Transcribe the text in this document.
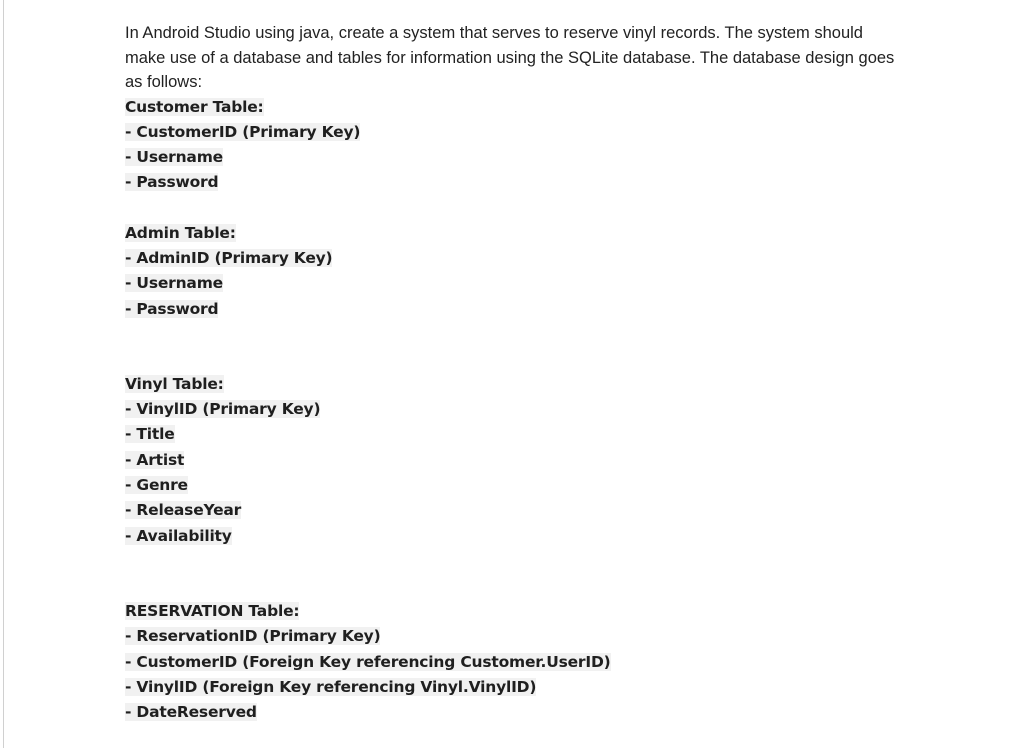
In Android Studio using java, create a system that serves to reserve vinyl records. The system should make use of a database and tables for information using the SQLite database. The database design goes as follows:

Customer Table:
- CustomerID (Primary Key)
- Username
- Password
Admin Table:
- AdminID (Primary Key)
- Username
- Password
Vinyl Table:
- VinylID (Primary Key)
- Title
- Artist
- Genre
- ReleaseYear
- Availability
RESERVATION Table:
- ReservationID (Primary Key)
- CustomerID (Foreign Key referencing Customer.UserID)
- VinylID (Foreign Key referencing Vinyl.VinylID)
- DateReserved
